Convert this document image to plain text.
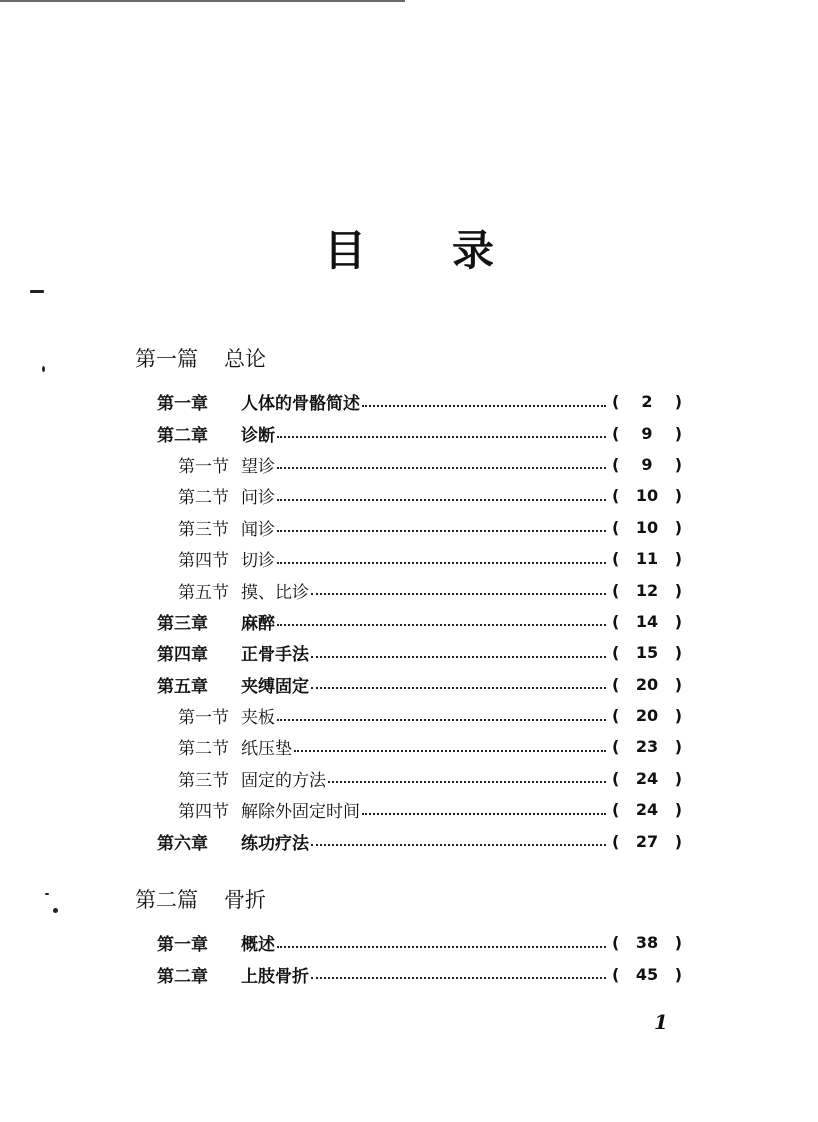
目 录
第一篇 总论
第一章	人体的骨骼简述	(	2	)
第二章	诊断	(	9	)
第一节 望诊	(	9	)
第二节 问诊	(	10	)
第三节 闻诊	(	10	)
第四节 切诊	(	11	)
第五节 摸、比诊	(	12	)
第三章	麻醉	(	14	)
第四章	正骨手法	(	15	)
第五章	夹缚固定	(	20	)
第一节 夹板	(	20	)
第二节 纸压垫	(	23	)
第三节 固定的方法	(	24	)
第四节 解除外固定时间	(	24	)
第六章	练功疗法	(	27	)
第二篇 骨折
第一章	概述	(	38	)
第二章	上肢骨折	(	45	)
1
